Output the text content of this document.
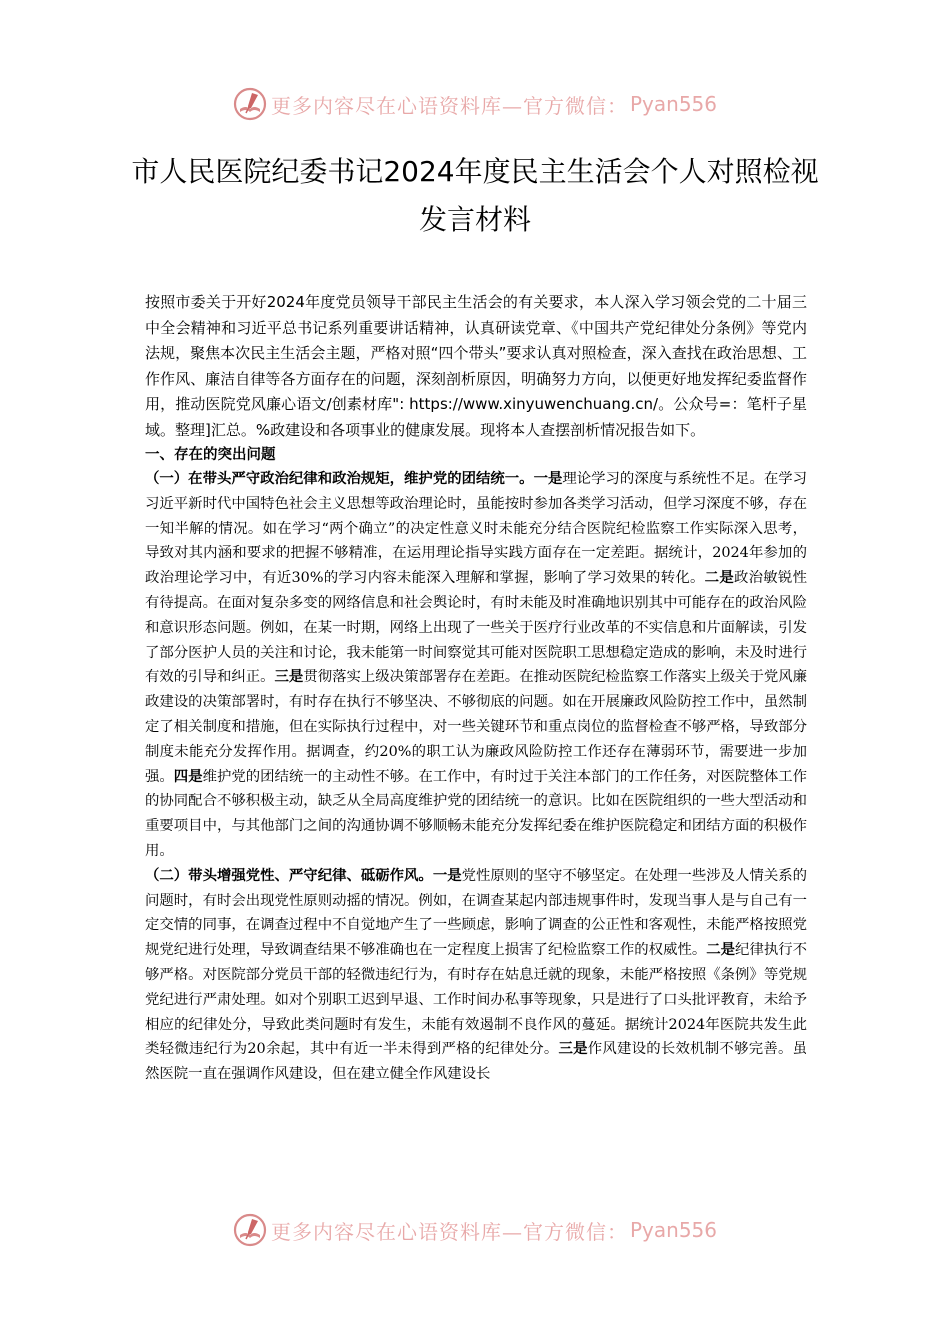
更多内容尽在心语资料库—官方微信： Pyan556
市人民医院纪委书记2024年度民主生活会个人对照检视发言材料

按照市委关于开好2024年度党员领导干部民主生活会的有关要求，本人深入学习领会党的二十届三中全会精神和习近平总书记系列重要讲话精神，认真研读党章、《中国共产党纪律处分条例》等党内法规，聚焦本次民主生活会主题，严格对照“四个带头”要求认真对照检查，深入查找在政治思想、工作作风、廉洁自律等各方面存在的问题，深刻剖析原因，明确努力方向，以便更好地发挥纪委监督作用，推动医院党风廉心语文/创素材库": https://www.xinyuwenchuang.cn/。公众号=：笔杆子星域。整理]汇总。%政建设和各项事业的健康发展。现将本人查摆剖析情况报告如下。

一、存在的突出问题

（一）在带头严守政治纪律和政治规矩，维护党的团结统一。一是理论学习的深度与系统性不足。在学习习近平新时代中国特色社会主义思想等政治理论时，虽能按时参加各类学习活动，但学习深度不够，存在一知半解的情况。如在学习“两个确立”的决定性意义时未能充分结合医院纪检监察工作实际深入思考，导致对其内涵和要求的把握不够精准，在运用理论指导实践方面存在一定差距。据统计，2024年参加的政治理论学习中，有近30%的学习内容未能深入理解和掌握，影响了学习效果的转化。二是政治敏锐性有待提高。在面对复杂多变的网络信息和社会舆论时，有时未能及时准确地识别其中可能存在的政治风险和意识形态问题。例如，在某一时期，网络上出现了一些关于医疗行业改革的不实信息和片面解读，引发了部分医护人员的关注和讨论，我未能第一时间察觉其可能对医院职工思想稳定造成的影响，未及时进行有效的引导和纠正。三是贯彻落实上级决策部署存在差距。在推动医院纪检监察工作落实上级关于党风廉政建设的决策部署时，有时存在执行不够坚决、不够彻底的问题。如在开展廉政风险防控工作中，虽然制定了相关制度和措施，但在实际执行过程中，对一些关键环节和重点岗位的监督检查不够严格，导致部分制度未能充分发挥作用。据调查，约20%的职工认为廉政风险防控工作还存在薄弱环节，需要进一步加强。四是维护党的团结统一的主动性不够。在工作中，有时过于关注本部门的工作任务，对医院整体工作的协同配合不够积极主动，缺乏从全局高度维护党的团结统一的意识。比如在医院组织的一些大型活动和重要项目中，与其他部门之间的沟通协调不够顺畅未能充分发挥纪委在维护医院稳定和团结方面的积极作用。

（二）带头增强党性、严守纪律、砥砺作风。一是党性原则的坚守不够坚定。在处理一些涉及人情关系的问题时，有时会出现党性原则动摇的情况。例如，在调查某起内部违规事件时，发现当事人是与自己有一定交情的同事，在调查过程中不自觉地产生了一些顾虑，影响了调查的公正性和客观性，未能严格按照党规党纪进行处理，导致调查结果不够准确也在一定程度上损害了纪检监察工作的权威性。二是纪律执行不够严格。对医院部分党员干部的轻微违纪行为，有时存在姑息迁就的现象，未能严格按照《条例》等党规党纪进行严肃处理。如对个别职工迟到早退、工作时间办私事等现象，只是进行了口头批评教育，未给予相应的纪律处分，导致此类问题时有发生，未能有效遏制不良作风的蔓延。据统计2024年医院共发生此类轻微违纪行为20余起，其中有近一半未得到严格的纪律处分。三是作风建设的长效机制不够完善。虽然医院一直在强调作风建设，但在建立健全作风建设长

更多内容尽在心语资料库—官方微信： Pyan556
